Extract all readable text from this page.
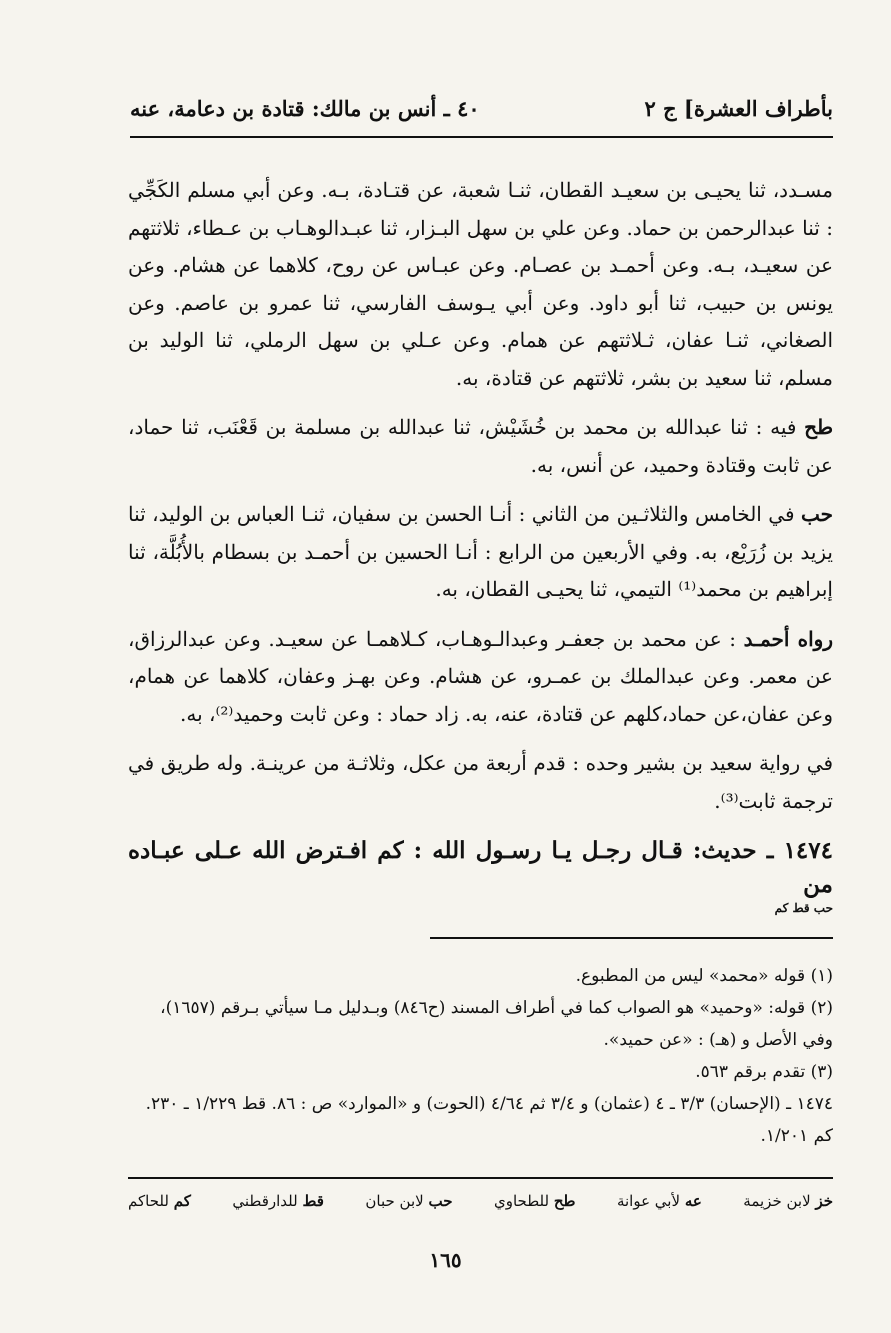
بأطراف العشرة] ج ٢
٤٠ ـ أنس بن مالك: قتادة بن دعامة، عنه

مسـدد، ثنا يحيـى بن سعيـد القطان، ثنـا شعبة، عن قتـادة، بـه. وعن أبي مسلم الكَجِّي : ثنا عبدالرحمن بن حماد. وعن علي بن سهل البـزار، ثنا عبـدالوهـاب بن عـطاء، ثلاثتهم عن سعيـد، بـه. وعن أحمـد بن عصـام. وعن عبـاس عن روح، كلاهما عن هشام. وعن يونس بن حبيب، ثنا أبو داود. وعن أبي يـوسف الفارسي، ثنا عمرو بن عاصم. وعن الصغاني، ثنـا عفان، ثـلاثتهم عن همام. وعن عـلي بن سهل الرملي، ثنا الوليد بن مسلم، ثنا سعيد بن بشر، ثلاثتهم عن قتادة، به.

طح فيه : ثنا عبدالله بن محمد بن خُشَيْش، ثنا عبدالله بن مسلمة بن قَعْنَب، ثنا حماد، عن ثابت وقتادة وحميد، عن أنس، به.

حب في الخامس والثلاثـين من الثاني : أنـا الحسن بن سفيان، ثنـا العباس بن الوليد، ثنا يزيد بن زُرَيْع، به. وفي الأربعين من الرابع : أنـا الحسين بن أحمـد بن بسطام بالأُبُلَّة، ثنا إبراهيم بن محمد⁽¹⁾ التيمي، ثنا يحيـى القطان، به.

رواه أحمـد : عن محمد بن جعفـر وعبدالـوهـاب، كـلاهمـا عن سعيـد. وعن عبدالرزاق، عن معمر. وعن عبدالملك بن عمـرو، عن هشام. وعن بهـز وعفان، كلاهما عن همام، وعن عفان،عن حماد،كلهم عن قتادة، عنه، به. زاد حماد : وعن ثابت وحميد⁽²⁾، به.

في رواية سعيد بن بشير وحده : قدم أربعة من عكل، وثلاثـة من عرينـة. وله طريق في ترجمة ثابت⁽³⁾.

١٤٧٤ ـ حديث: قـال رجـل يـا رسـول الله : كم افـترض الله عـلى عبـاده من
حب قط كم

(١) قوله «محمد» ليس من المطبوع.

(٢) قوله: «وحميد» هو الصواب كما في أطراف المسند (ح٨٤٦) وبـدليل مـا سيأتي بـرقم (١٦٥٧)، وفي الأصل و (هـ) : «عن حميد».

(٣) تقدم برقم ٥٦٣.

١٤٧٤ ـ (الإحسان) ٣/٣ ـ ٤ (عثمان) و ٣/٤ ثم ٤/٦٤ (الحوت) و «الموارد» ص : ٨٦. قط ١/٢٢٩ ـ ٢٣٠. كم ١/٢٠١.

خز لابن خزيمة
عه لأبي عوانة
طح للطحاوي
حب لابن حبان
قط للدارقطني
كم للحاكم
١٦٥
